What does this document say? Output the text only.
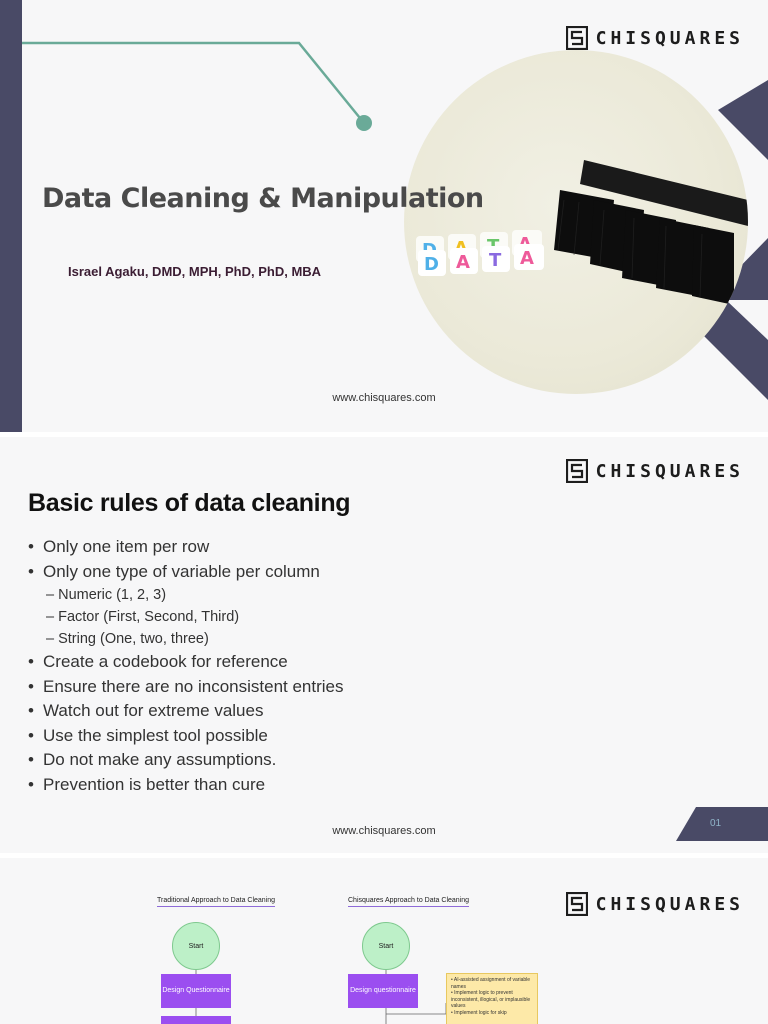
CHISQUARES
D A T A
Data Cleaning & Manipulation

Israel Agaku, DMD, MPH, PhD, PhD, MBA

www.chisquares.com

CHISQUARES
Basic rules of data cleaning
• Only one item per row
• Only one type of variable per column
– Numeric (1, 2, 3)
– Factor (First, Second, Third)
– String (One, two, three)
• Create a codebook for reference
• Ensure there are no inconsistent entries
• Watch out for extreme values
• Use the simplest tool possible
• Do not make any assumptions.
• Prevention is better than cure

www.chisquares.com

01
CHISQUARES
Traditional Approach to Data Cleaning	Chisquares Approach to Data Cleaning
Start	Start
Design Questionnaire	Design questionnaire
• AI-assisted assignment of variable names
• Implement logic to prevent inconsistent, illogical, or implausible values
• Implement logic for skip
